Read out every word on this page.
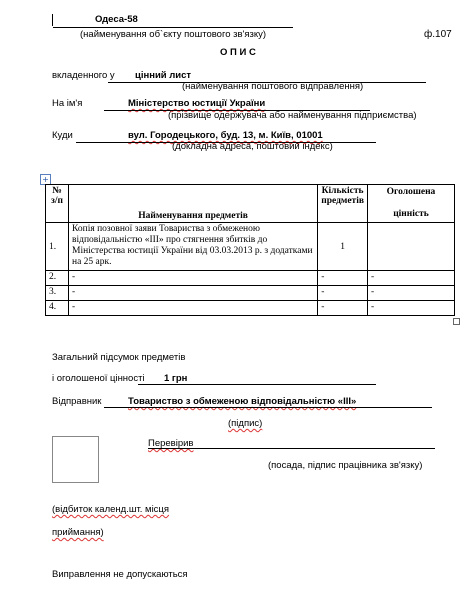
Одеса-58
(найменування об`єкту поштового зв'язку)	ф.107
О П И С
вкладенного у цінний лист
(найменування поштового відправлення)
На ім'я	Міністерство юстиції України
(прізвище одержувача або найменування підприємства)
Куди	вул. Городецького, буд. 13, м. Київ, 01001
(докладна адреса, поштовий індекс)
+
№ з/п	Найменування предметів	Кількість предметів	Оголошена
цінність

1.	Копія позовної заяви Товариства з обмеженою відповідальністю «ІІІ» про стягнення збитків до Міністерства юстиції України від 03.03.2013 р. з додатками на 25 арк.	1	
2.	-	-	-
3.	-	-	-
4.	-	-	-
Загальний підсумок предметів
і оголошеної цінності 1 грн
Відправник	Товариство з обмеженою відповідальністю «ІІІ»
(підпис)
Перевірив
(посада, підпис працівника зв'язку)
(відбиток календ.шт. місця
приймання)
Виправлення не допускаються
